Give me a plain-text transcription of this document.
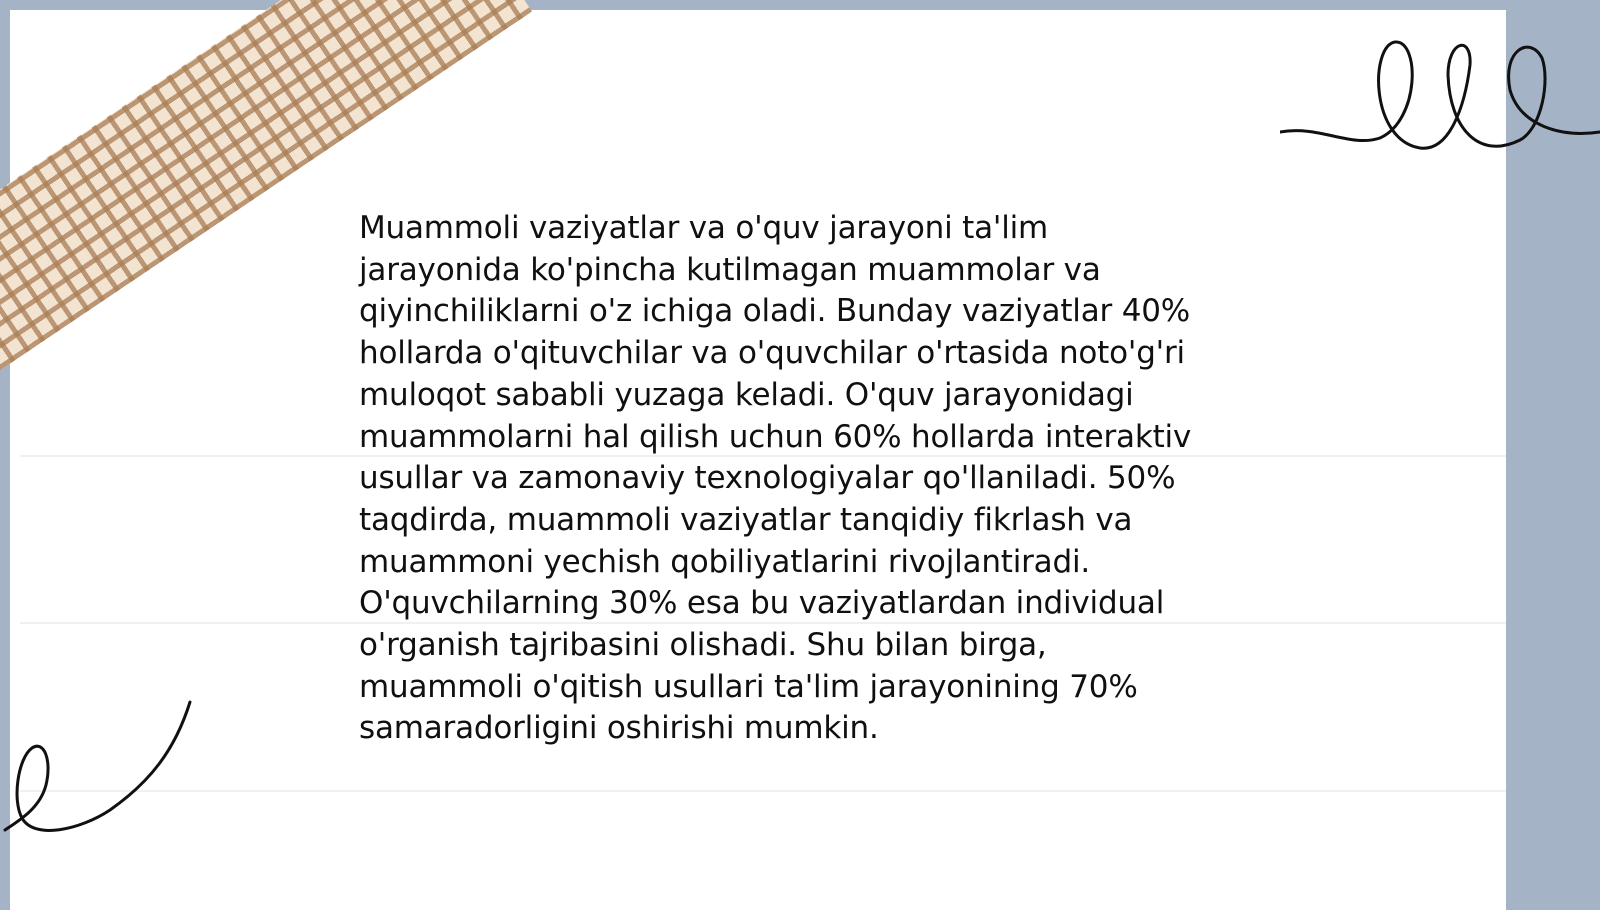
Muammoli vaziyatlar va o'quv jarayoni ta'lim
jarayonida ko'pincha kutilmagan muammolar va
qiyinchiliklarni o'z ichiga oladi. Bunday vaziyatlar 40%
hollarda o'qituvchilar va o'quvchilar o'rtasida noto'g'ri
muloqot sababli yuzaga keladi. O'quv jarayonidagi
muammolarni hal qilish uchun 60% hollarda interaktiv
usullar va zamonaviy texnologiyalar qo'llaniladi. 50%
taqdirda, muammoli vaziyatlar tanqidiy fikrlash va
muammoni yechish qobiliyatlarini rivojlantiradi.
O'quvchilarning 30% esa bu vaziyatlardan individual
o'rganish tajribasini olishadi. Shu bilan birga,
muammoli o'qitish usullari ta'lim jarayonining 70%
samaradorligini oshirishi mumkin.
